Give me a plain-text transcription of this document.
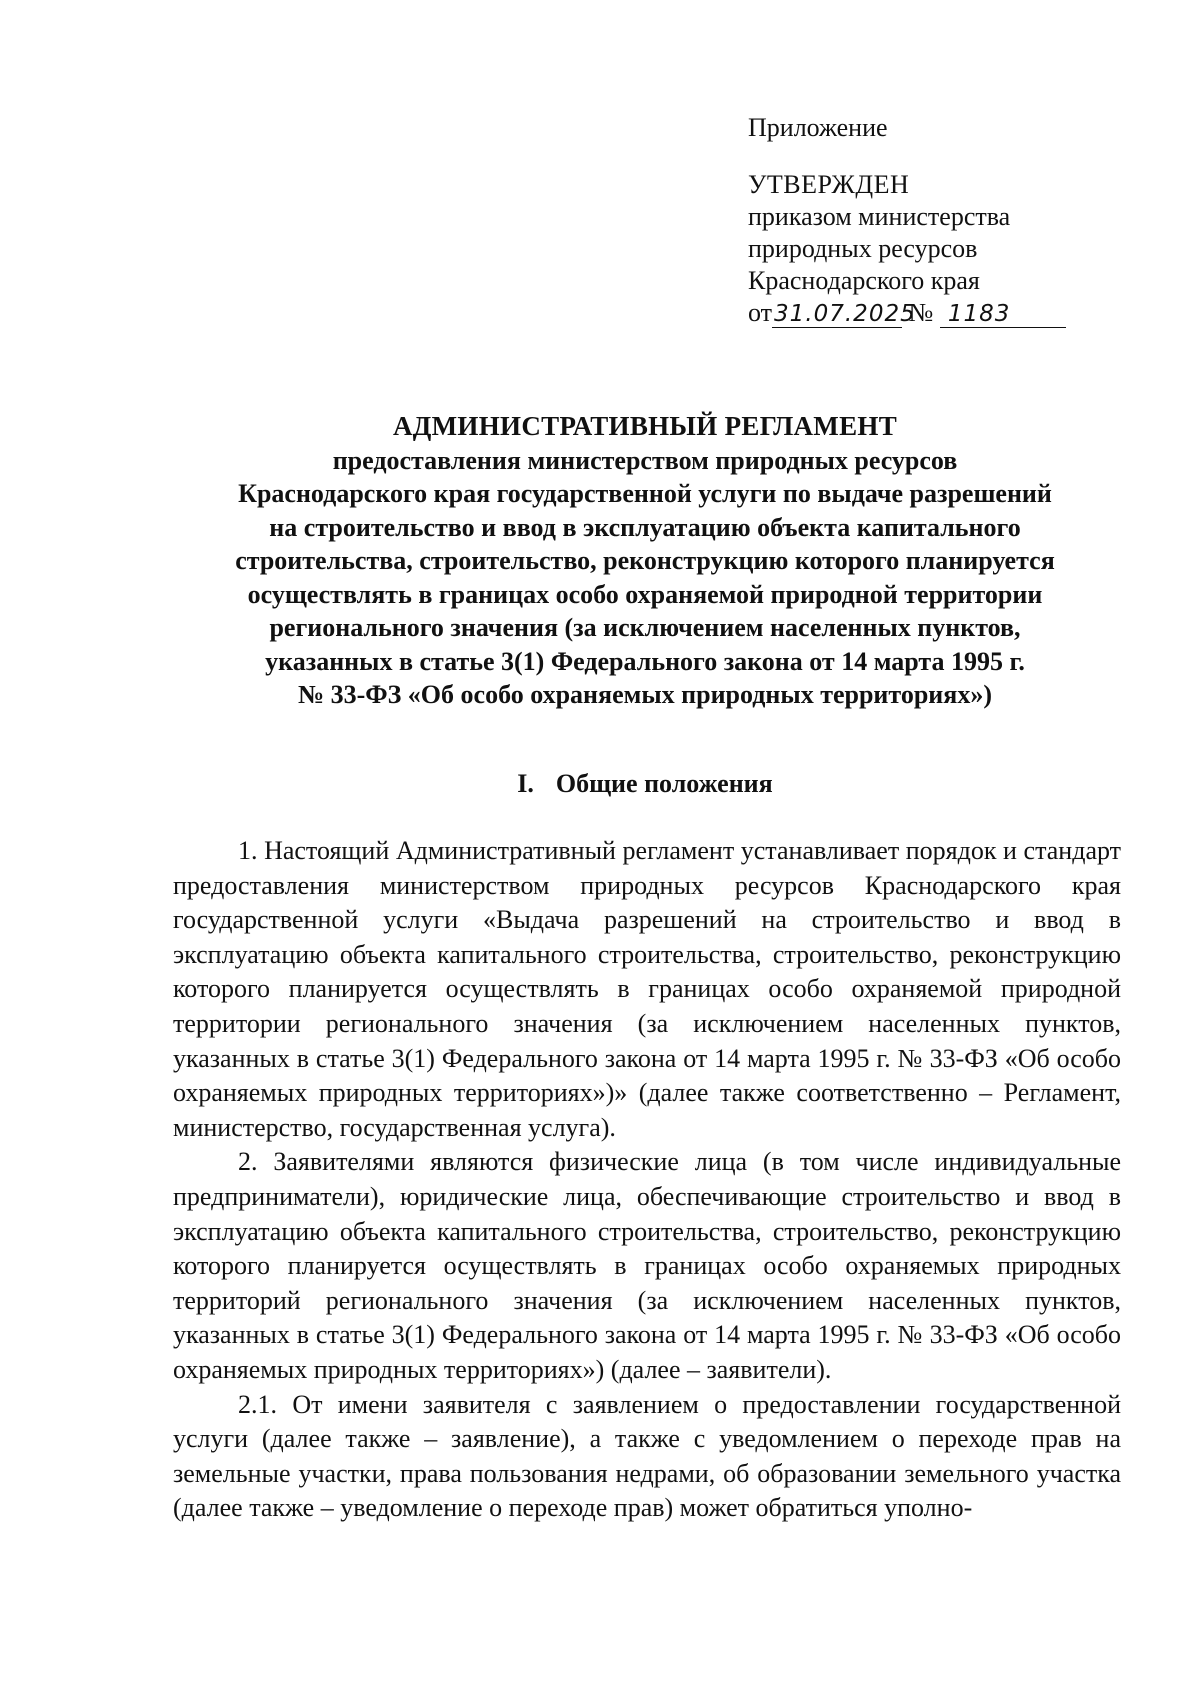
Приложение
УТВЕРЖДЕН
приказом министерства
природных ресурсов
Краснодарского края
от31.07.2025 № 1183
АДМИНИСТРАТИВНЫЙ РЕГЛАМЕНТ
предоставления министерством природных ресурсов
Краснодарского края государственной услуги по выдаче разрешений
на строительство и ввод в эксплуатацию объекта капитального
строительства, строительство, реконструкцию которого планируется
осуществлять в границах особо охраняемой природной территории
регионального значения (за исключением населенных пунктов,
указанных в статье 3(1) Федерального закона от 14 марта 1995 г.
№ 33-ФЗ «Об особо охраняемых природных территориях»)
I. Общие положения

1. Настоящий Административный регламент устанавливает порядок и стандарт предоставления министерством природных ресурсов Краснодарского края государственной услуги «Выдача разрешений на строительство и ввод в эксплуатацию объекта капитального строительства, строительство, реконструкцию которого планируется осуществлять в границах особо охраняемой природной территории регионального значения (за исключением населенных пунктов, указанных в статье 3(1) Федерального закона от 14 марта 1995 г. № 33-ФЗ «Об особо охраняемых природных территориях»)» (далее также соответственно – Регламент, министерство, государственная услуга).

2. Заявителями являются физические лица (в том числе индивидуальные предприниматели), юридические лица, обеспечивающие строительство и ввод в эксплуатацию объекта капитального строительства, строительство, реконструкцию которого планируется осуществлять в границах особо охраняемых природных территорий регионального значения (за исключением населенных пунктов, указанных в статье 3(1) Федерального закона от 14 марта 1995 г. № 33-ФЗ «Об особо охраняемых природных территориях») (далее – заявители).

2.1. От имени заявителя с заявлением о предоставлении государственной услуги (далее также – заявление), а также с уведомлением о переходе прав на земельные участки, права пользования недрами, об образовании земельного участка (далее также – уведомление о переходе прав) может обратиться уполно-
